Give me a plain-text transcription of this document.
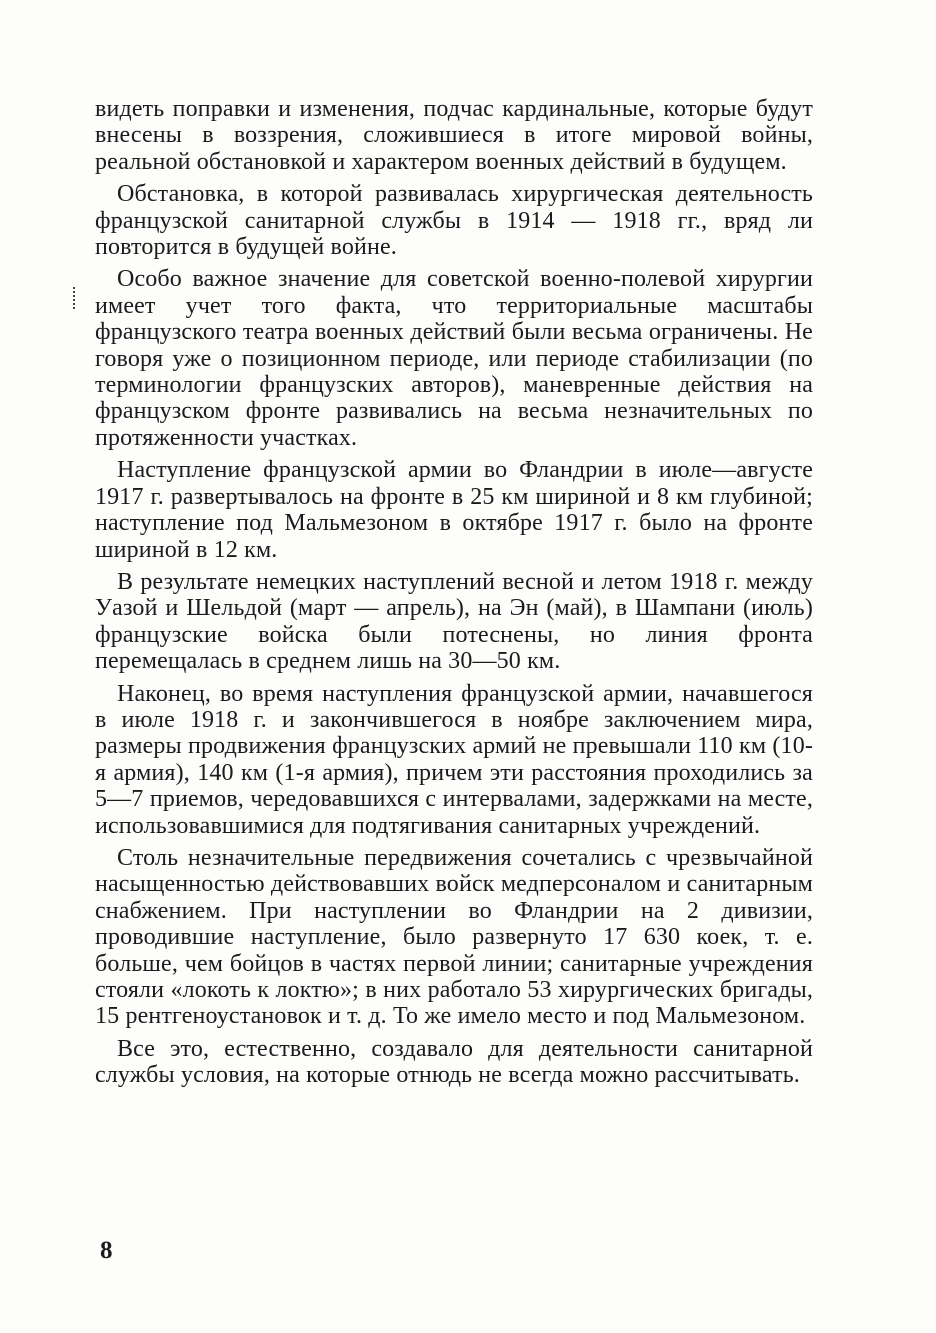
видеть поправки и изменения, подчас кардинальные, которые будут внесены в воззрения, сложившиеся в итоге мировой войны, реальной обстановкой и характером военных действий в будущем.

Обстановка, в которой развивалась хирургическая деятельность французской санитарной службы в 1914 — 1918 гг., вряд ли повторится в будущей войне.

Особо важное значение для советской военно-полевой хирургии имеет учет того факта, что территориальные масштабы французского театра военных действий были весьма ограничены. Не говоря уже о позиционном периоде, или периоде стабилизации (по терминологии французских авторов), маневренные действия на французском фронте развивались на весьма незначительных по протяженности участках.

Наступление французской армии во Фландрии в июле—августе 1917 г. развертывалось на фронте в 25 км шириной и 8 км глубиной; наступление под Мальмезоном в октябре 1917 г. было на фронте шириной в 12 км.

В результате немецких наступлений весной и летом 1918 г. между Уазой и Шельдой (март — апрель), на Эн (май), в Шампани (июль) французские войска были потеснены, но линия фронта перемещалась в среднем лишь на 30—50 км.

Наконец, во время наступления французской армии, начавшегося в июле 1918 г. и закончившегося в ноябре заключением мира, размеры продвижения французских армий не превышали 110 км (10-я армия), 140 км (1-я армия), причем эти расстояния проходились за 5—7 приемов, чередовавшихся с интервалами, задержками на месте, использовавшимися для подтягивания санитарных учреждений.

Столь незначительные передвижения сочетались с чрезвычайной насыщенностью действовавших войск медперсоналом и санитарным снабжением. При наступлении во Фландрии на 2 дивизии, проводившие наступление, было развернуто 17 630 коек, т. е. больше, чем бойцов в частях первой линии; санитарные учреждения стояли «локоть к локтю»; в них работало 53 хирургических бригады, 15 рентгеноустановок и т. д. То же имело место и под Мальмезоном.

Все это, естественно, создавало для деятельности санитарной службы условия, на которые отнюдь не всегда можно рассчитывать.

8
